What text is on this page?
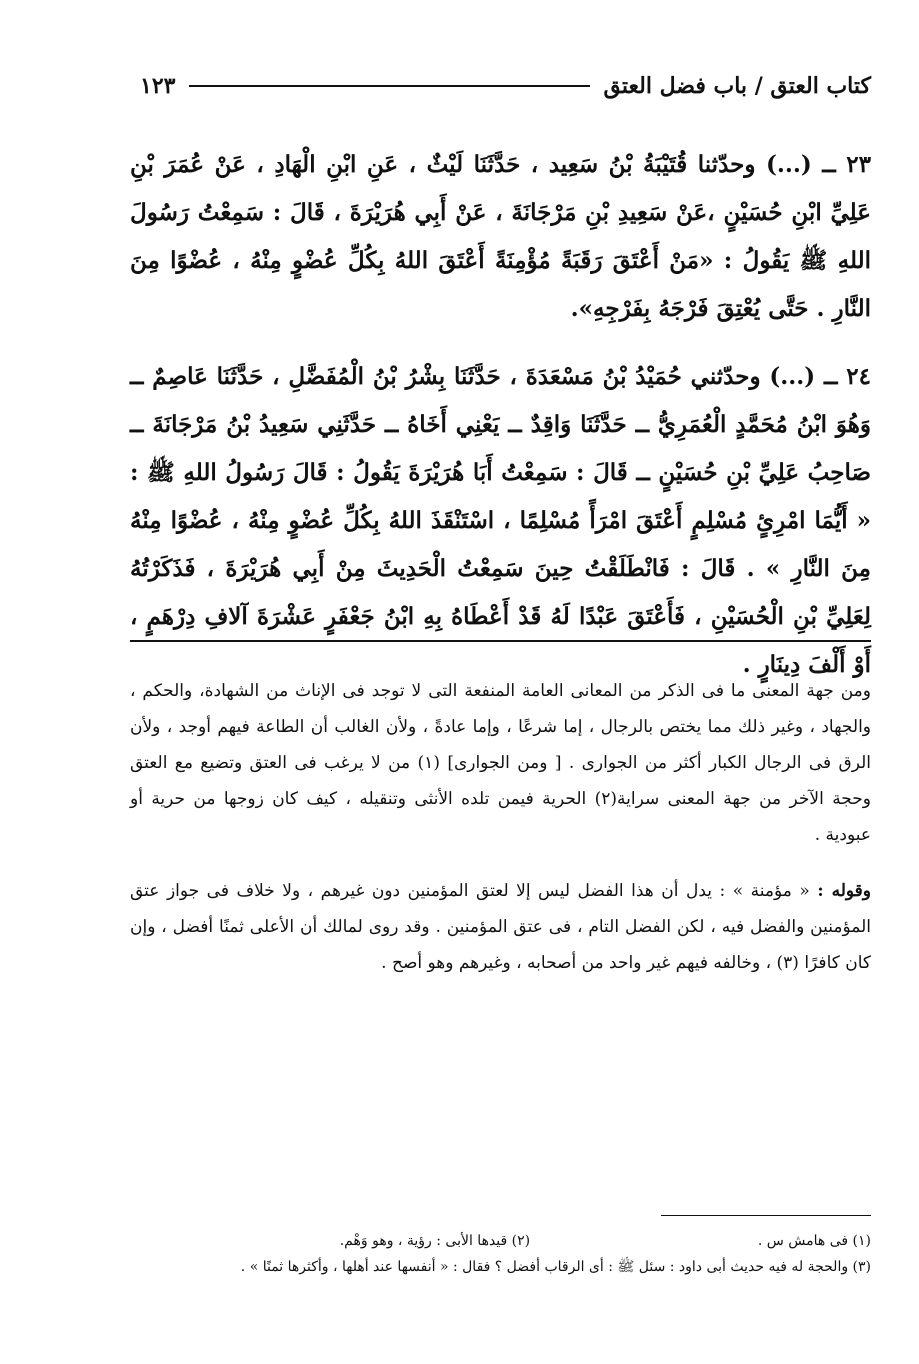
كتاب العتق / باب فضل العتق
١٢٣

٢٣ ــ (...) وحدّثنا قُتَيْبَةُ بْنُ سَعِيد ، حَدَّثَنَا لَيْثٌ ، عَنِ ابْنِ الْهَادِ ، عَنْ عُمَرَ بْنِ عَلِيِّ ابْنِ حُسَيْنٍ ،عَنْ سَعِيدِ بْنِ مَرْجَانَةَ ، عَنْ أَبِي هُرَيْرَةَ ، قَالَ : سَمِعْتُ رَسُولَ اللهِ ﷺ يَقُولُ : «مَنْ أَعْتَقَ رَقَبَةً مُؤْمِنَةً أَعْتَقَ اللهُ بِكُلِّ عُضْوٍ مِنْهُ ، عُضْوًا مِنَ النَّارِ . حَتَّى يُعْتِقَ فَرْجَهُ بِفَرْجِهِ».

٢٤ ــ (...) وحدّثني حُمَيْدُ بْنُ مَسْعَدَةَ ، حَدَّثَنَا بِشْرُ بْنُ الْمُفَضَّلِ ، حَدَّثَنَا عَاصِمٌ ــ وَهُوَ ابْنُ مُحَمَّدٍ الْعُمَرِيُّ ــ حَدَّثَنَا وَاقِدٌ ــ يَعْنِي أَخَاهُ ــ حَدَّثَنِي سَعِيدُ بْنُ مَرْجَانَةَ ــ صَاحِبُ عَلِيِّ بْنِ حُسَيْنٍ ــ قَالَ : سَمِعْتُ أَبَا هُرَيْرَةَ يَقُولُ : قَالَ رَسُولُ اللهِ ﷺ : « أَيُّمَا امْرِئٍ مُسْلِمٍ أَعْتَقَ امْرَأً مُسْلِمًا ، اسْتَنْقَذَ اللهُ بِكُلِّ عُضْوٍ مِنْهُ ، عُضْوًا مِنْهُ مِنَ النَّارِ » . قَالَ : فَانْطَلَقْتُ حِينَ سَمِعْتُ الْحَدِيثَ مِنْ أَبِي هُرَيْرَةَ ، فَذَكَرْتُهُ لِعَلِيِّ بْنِ الْحُسَيْنِ ، فَأَعْتَقَ عَبْدًا لَهُ قَدْ أَعْطَاهُ بِهِ ابْنُ جَعْفَرٍ عَشْرَةَ آلافِ دِرْهَمٍ ، أَوْ أَلْفَ دِينَارٍ .

ومن جهة المعنى ما فى الذكر من المعانى العامة المنفعة التى لا توجد فى الإناث من الشهادة، والحكم ، والجهاد ، وغير ذلك مما يختص بالرجال ، إما شرعًا ، وإما عادةً ، ولأن الغالب أن الطاعة فيهم أوجد ، ولأن الرق فى الرجال الكبار أكثر من الجوارى . [ ومن الجوارى] (١) من لا يرغب فى العتق وتضيع مع العتق وحجة الآخر من جهة المعنى سراية(٢) الحرية فيمن تلده الأنثى وتنقيله ، كيف كان زوجها من حرية أو عبودية .

وقوله : « مؤمنة » : يدل أن هذا الفضل ليس إلا لعتق المؤمنين دون غيرهم ، ولا خلاف فى جواز عتق المؤمنين والفضل فيه ، لكن الفضل التام ، فى عتق المؤمنين . وقد روى لمالك أن الأعلى ثمنًا أفضل ، وإن كان كافرًا (٣) ، وخالفه فيهم غير واحد من أصحابه ، وغيرهم وهو أصح .

(١) فى هامش س .
(٢) قيدها الأبى : رؤية ، وهو وَهْم.
(٣) والحجة له فيه حديث أبى داود : سئل ﷺ : أى الرقاب أفضل ؟ فقال : « أنفسها عند أهلها ، وأكثرها ثمنًا » .
